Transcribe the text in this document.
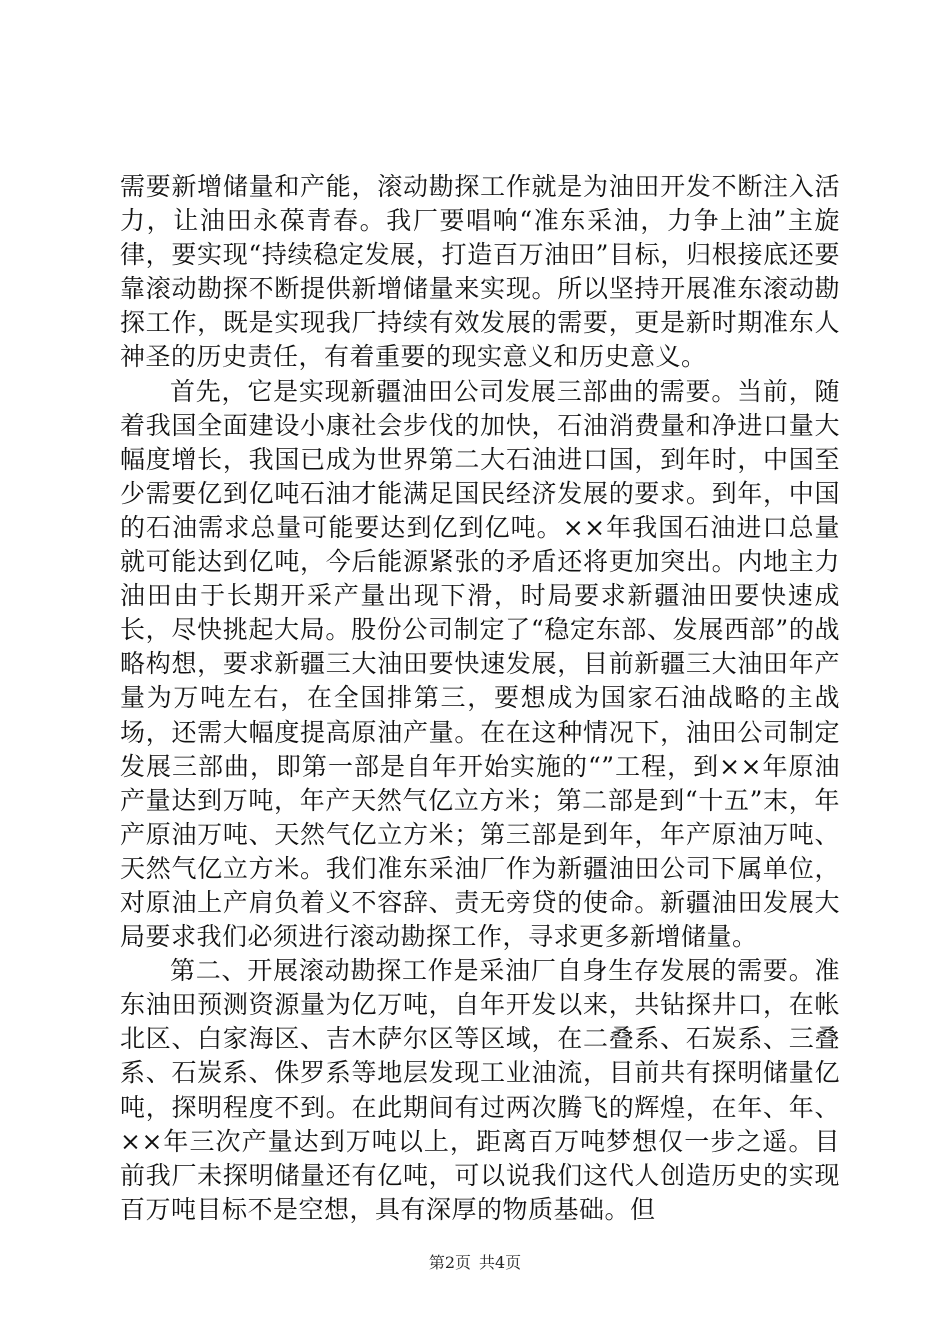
需要新增储量和产能，滚动勘探工作就是为油田开发不断注入活力，让油田永葆青春。我厂要唱响“准东采油，力争上油”主旋律，要实现“持续稳定发展，打造百万油田”目标，归根接底还要靠滚动勘探不断提供新增储量来实现。所以坚持开展准东滚动勘探工作，既是实现我厂持续有效发展的需要，更是新时期准东人神圣的历史责任，有着重要的现实意义和历史意义。

首先，它是实现新疆油田公司发展三部曲的需要。当前，随着我国全面建设小康社会步伐的加快，石油消费量和净进口量大幅度增长，我国已成为世界第二大石油进口国，到年时，中国至少需要亿到亿吨石油才能满足国民经济发展的要求。到年，中国的石油需求总量可能要达到亿到亿吨。××年我国石油进口总量就可能达到亿吨，今后能源紧张的矛盾还将更加突出。内地主力油田由于长期开采产量出现下滑，时局要求新疆油田要快速成长，尽快挑起大局。股份公司制定了“稳定东部、发展西部”的战略构想，要求新疆三大油田要快速发展，目前新疆三大油田年产量为万吨左右，在全国排第三，要想成为国家石油战略的主战场，还需大幅度提高原油产量。在在这种情况下，油田公司制定发展三部曲，即第一部是自年开始实施的“”工程，到××年原油产量达到万吨，年产天然气亿立方米；第二部是到“十五”末，年产原油万吨、天然气亿立方米；第三部是到年，年产原油万吨、天然气亿立方米。我们准东采油厂作为新疆油田公司下属单位，对原油上产肩负着义不容辞、责无旁贷的使命。新疆油田发展大局要求我们必须进行滚动勘探工作，寻求更多新增储量。

第二、开展滚动勘探工作是采油厂自身生存发展的需要。准东油田预测资源量为亿万吨，自年开发以来，共钻探井口，在帐北区、白家海区、吉木萨尔区等区域，在二叠系、石炭系、三叠系、石炭系、侏罗系等地层发现工业油流，目前共有探明储量亿吨，探明程度不到。在此期间有过两次腾飞的辉煌，在年、年、××年三次产量达到万吨以上，距离百万吨梦想仅一步之遥。目前我厂未探明储量还有亿吨，可以说我们这代人创造历史的实现百万吨目标不是空想，具有深厚的物质基础。但

第2页 共4页
